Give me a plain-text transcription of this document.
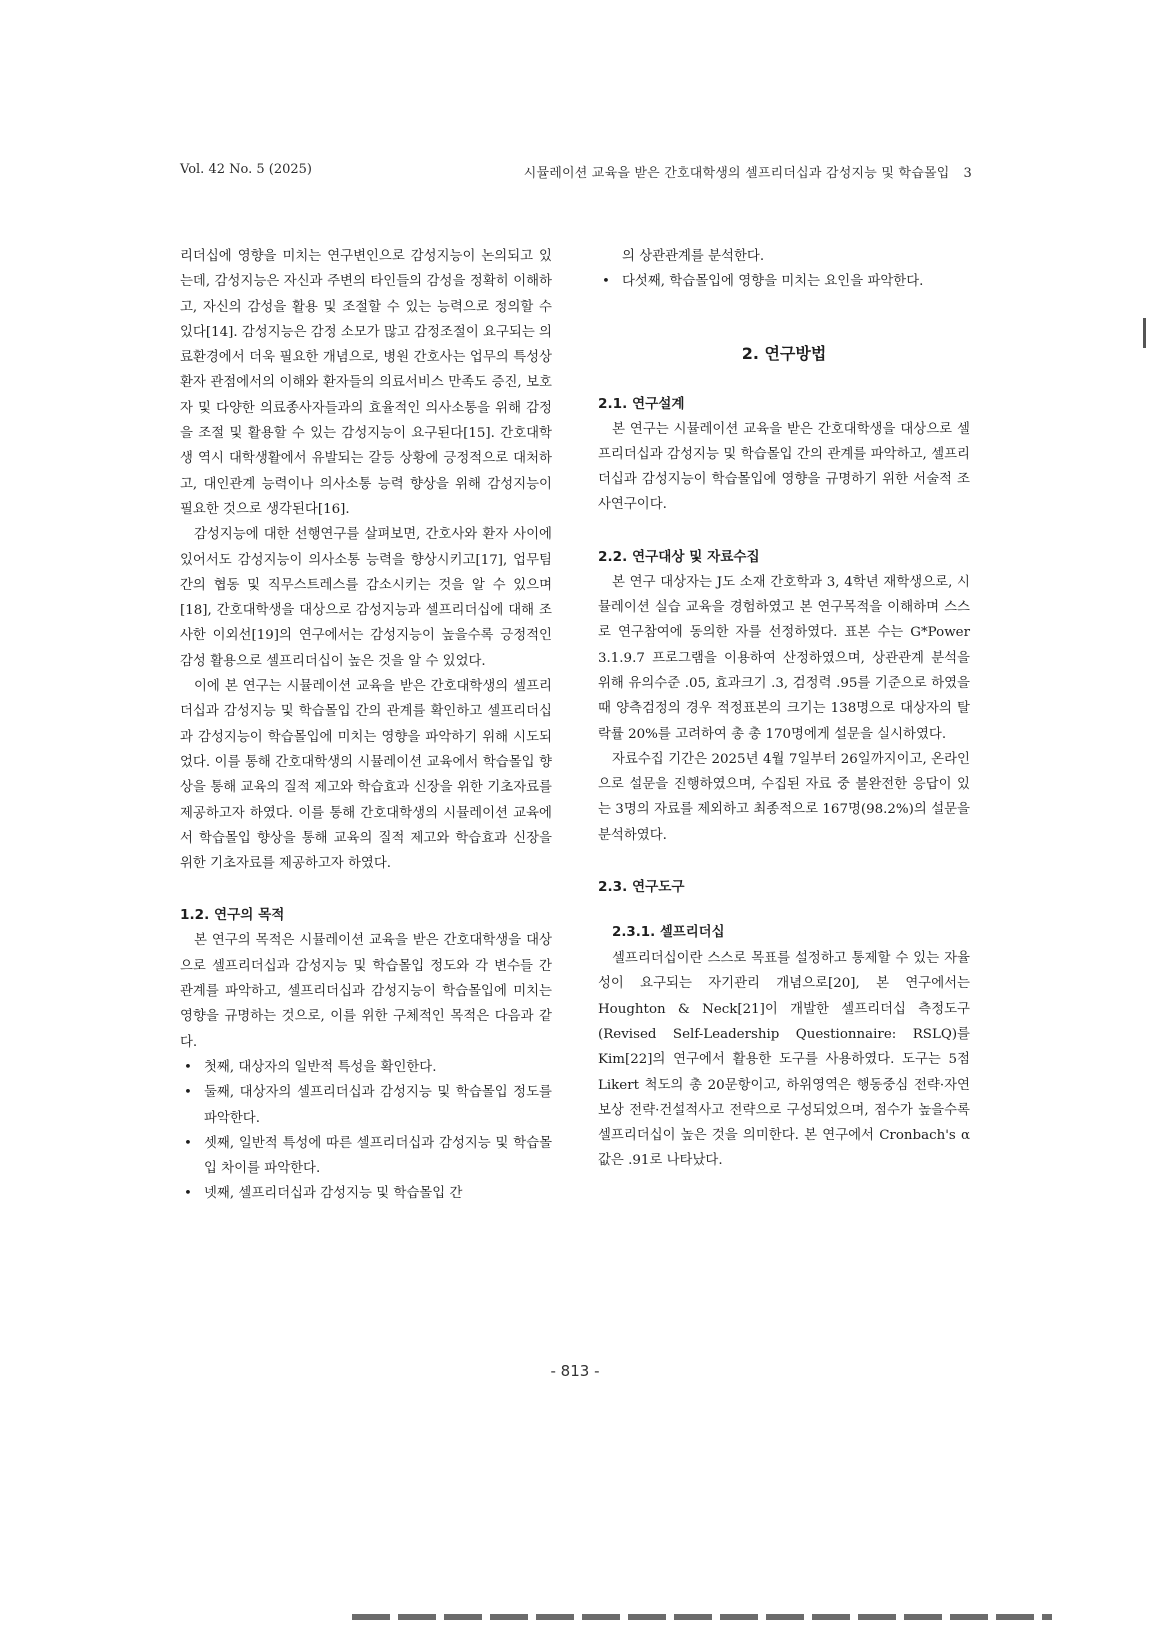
Vol. 42 No. 5 (2025)	시뮬레이션 교육을 받은 간호대학생의 셀프리더십과 감성지능 및 학습몰입 3

리더십에 영향을 미치는 연구변인으로 감성지능이 논의되고 있는데, 감성지능은 자신과 주변의 타인들의 감성을 정확히 이해하고, 자신의 감성을 활용 및 조절할 수 있는 능력으로 정의할 수 있다[14]. 감성지능은 감정 소모가 많고 감정조절이 요구되는 의료환경에서 더욱 필요한 개념으로, 병원 간호사는 업무의 특성상 환자 관점에서의 이해와 환자들의 의료서비스 만족도 증진, 보호자 및 다양한 의료종사자들과의 효율적인 의사소통을 위해 감정을 조절 및 활용할 수 있는 감성지능이 요구된다[15]. 간호대학생 역시 대학생활에서 유발되는 갈등 상황에 긍정적으로 대처하고, 대인관계 능력이나 의사소통 능력 향상을 위해 감성지능이 필요한 것으로 생각된다[16].

감성지능에 대한 선행연구를 살펴보면, 간호사와 환자 사이에 있어서도 감성지능이 의사소통 능력을 향상시키고[17], 업무팀 간의 협동 및 직무스트레스를 감소시키는 것을 알 수 있으며[18], 간호대학생을 대상으로 감성지능과 셀프리더십에 대해 조사한 이외선[19]의 연구에서는 감성지능이 높을수록 긍정적인 감성 활용으로 셀프리더십이 높은 것을 알 수 있었다.

이에 본 연구는 시뮬레이션 교육을 받은 간호대학생의 셀프리더십과 감성지능 및 학습몰입 간의 관계를 확인하고 셀프리더십과 감성지능이 학습몰입에 미치는 영향을 파악하기 위해 시도되었다. 이를 통해 간호대학생의 시뮬레이션 교육에서 학습몰입 향상을 통해 교육의 질적 제고와 학습효과 신장을 위한 기초자료를 제공하고자 하였다. 이를 통해 간호대학생의 시뮬레이션 교육에서 학습몰입 향상을 통해 교육의 질적 제고와 학습효과 신장을 위한 기초자료를 제공하고자 하였다.

1.2. 연구의 목적

본 연구의 목적은 시뮬레이션 교육을 받은 간호대학생을 대상으로 셀프리더십과 감성지능 및 학습몰입 정도와 각 변수들 간 관계를 파악하고, 셀프리더십과 감성지능이 학습몰입에 미치는 영향을 규명하는 것으로, 이를 위한 구체적인 목적은 다음과 같다.

• 첫째, 대상자의 일반적 특성을 확인한다.
• 둘째, 대상자의 셀프리더십과 감성지능 및 학습몰입 정도를 파악한다.
• 셋째, 일반적 특성에 따른 셀프리더십과 감성지능 및 학습몰입 차이를 파악한다.
• 넷째, 셀프리더십과 감성지능 및 학습몰입 간
의 상관관계를 분석한다.
• 다섯째, 학습몰입에 영향을 미치는 요인을 파악한다.
2. 연구방법
2.1. 연구설계

본 연구는 시뮬레이션 교육을 받은 간호대학생을 대상으로 셀프리더십과 감성지능 및 학습몰입 간의 관계를 파악하고, 셀프리더십과 감성지능이 학습몰입에 영향을 규명하기 위한 서술적 조사연구이다.

2.2. 연구대상 및 자료수집

본 연구 대상자는 J도 소재 간호학과 3, 4학년 재학생으로, 시뮬레이션 실습 교육을 경험하였고 본 연구목적을 이해하며 스스로 연구참여에 동의한 자를 선정하였다. 표본 수는 G*Power 3.1.9.7 프로그램을 이용하여 산정하였으며, 상관관계 분석을 위해 유의수준 .05, 효과크기 .3, 검정력 .95를 기준으로 하였을 때 양측검정의 경우 적정표본의 크기는 138명으로 대상자의 탈락률 20%를 고려하여 총 총 170명에게 설문을 실시하였다.

자료수집 기간은 2025년 4월 7일부터 26일까지이고, 온라인으로 설문을 진행하였으며, 수집된 자료 중 불완전한 응답이 있는 3명의 자료를 제외하고 최종적으로 167명(98.2%)의 설문을 분석하였다.

2.3. 연구도구
2.3.1. 셀프리더십

셀프리더십이란 스스로 목표를 설정하고 통제할 수 있는 자율성이 요구되는 자기관리 개념으로[20], 본 연구에서는 Houghton & Neck[21]이 개발한 셀프리더십 측정도구(Revised Self-Leadership Questionnaire: RSLQ)를 Kim[22]의 연구에서 활용한 도구를 사용하였다. 도구는 5점 Likert 척도의 총 20문항이고, 하위영역은 행동중심 전략·자연보상 전략·건설적사고 전략으로 구성되었으며, 점수가 높을수록 셀프리더십이 높은 것을 의미한다. 본 연구에서 Cronbach's α 값은 .91로 나타났다.

- 813 -
